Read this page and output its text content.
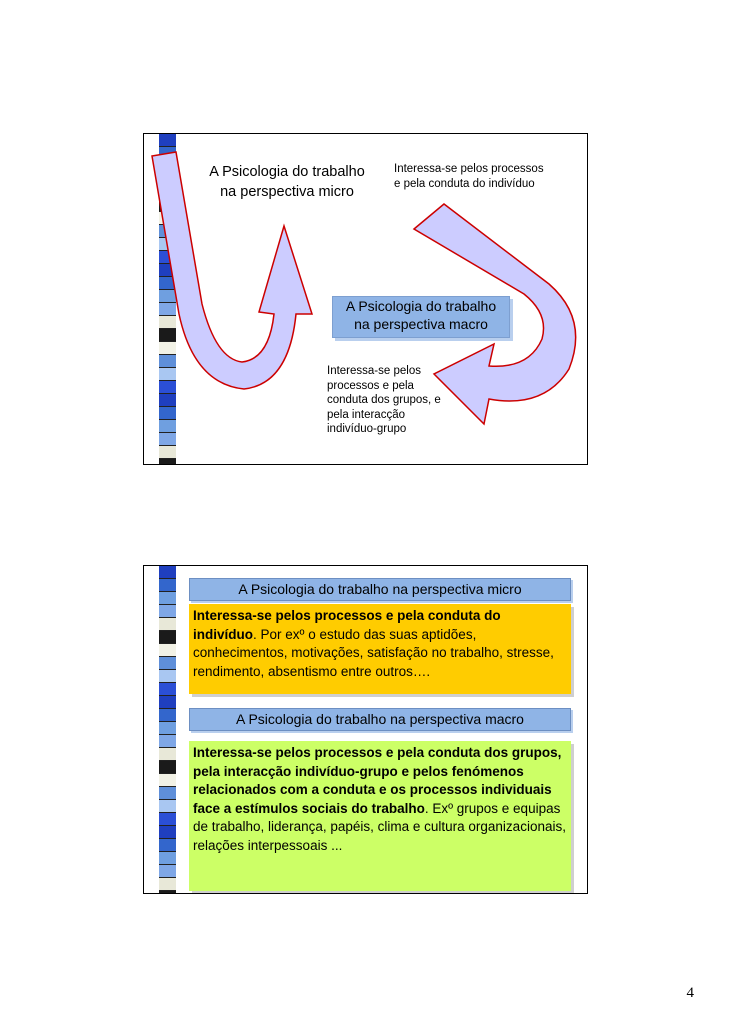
A Psicologia do trabalho
na perspectiva micro
Interessa-se pelos processos
e pela conduta do indivíduo
A Psicologia do trabalho
na perspectiva macro
Interessa-se pelos
processos e pela
conduta dos grupos, e
pela interacção
indivíduo-grupo
A Psicologia do trabalho na perspectiva micro
Interessa-se pelos processos e pela conduta do indivíduo. Por exº o estudo das suas aptidões, conhecimentos, motivações, satisfação no trabalho, stresse, rendimento, absentismo entre outros….
A Psicologia do trabalho na perspectiva macro
Interessa-se pelos processos e pela conduta dos grupos, pela interacção indivíduo-grupo e pelos fenómenos relacionados com a conduta e os processos individuais face a estímulos sociais do trabalho. Exº grupos e equipas de trabalho, liderança, papéis, clima e cultura organizacionais, relações interpessoais ...
4
